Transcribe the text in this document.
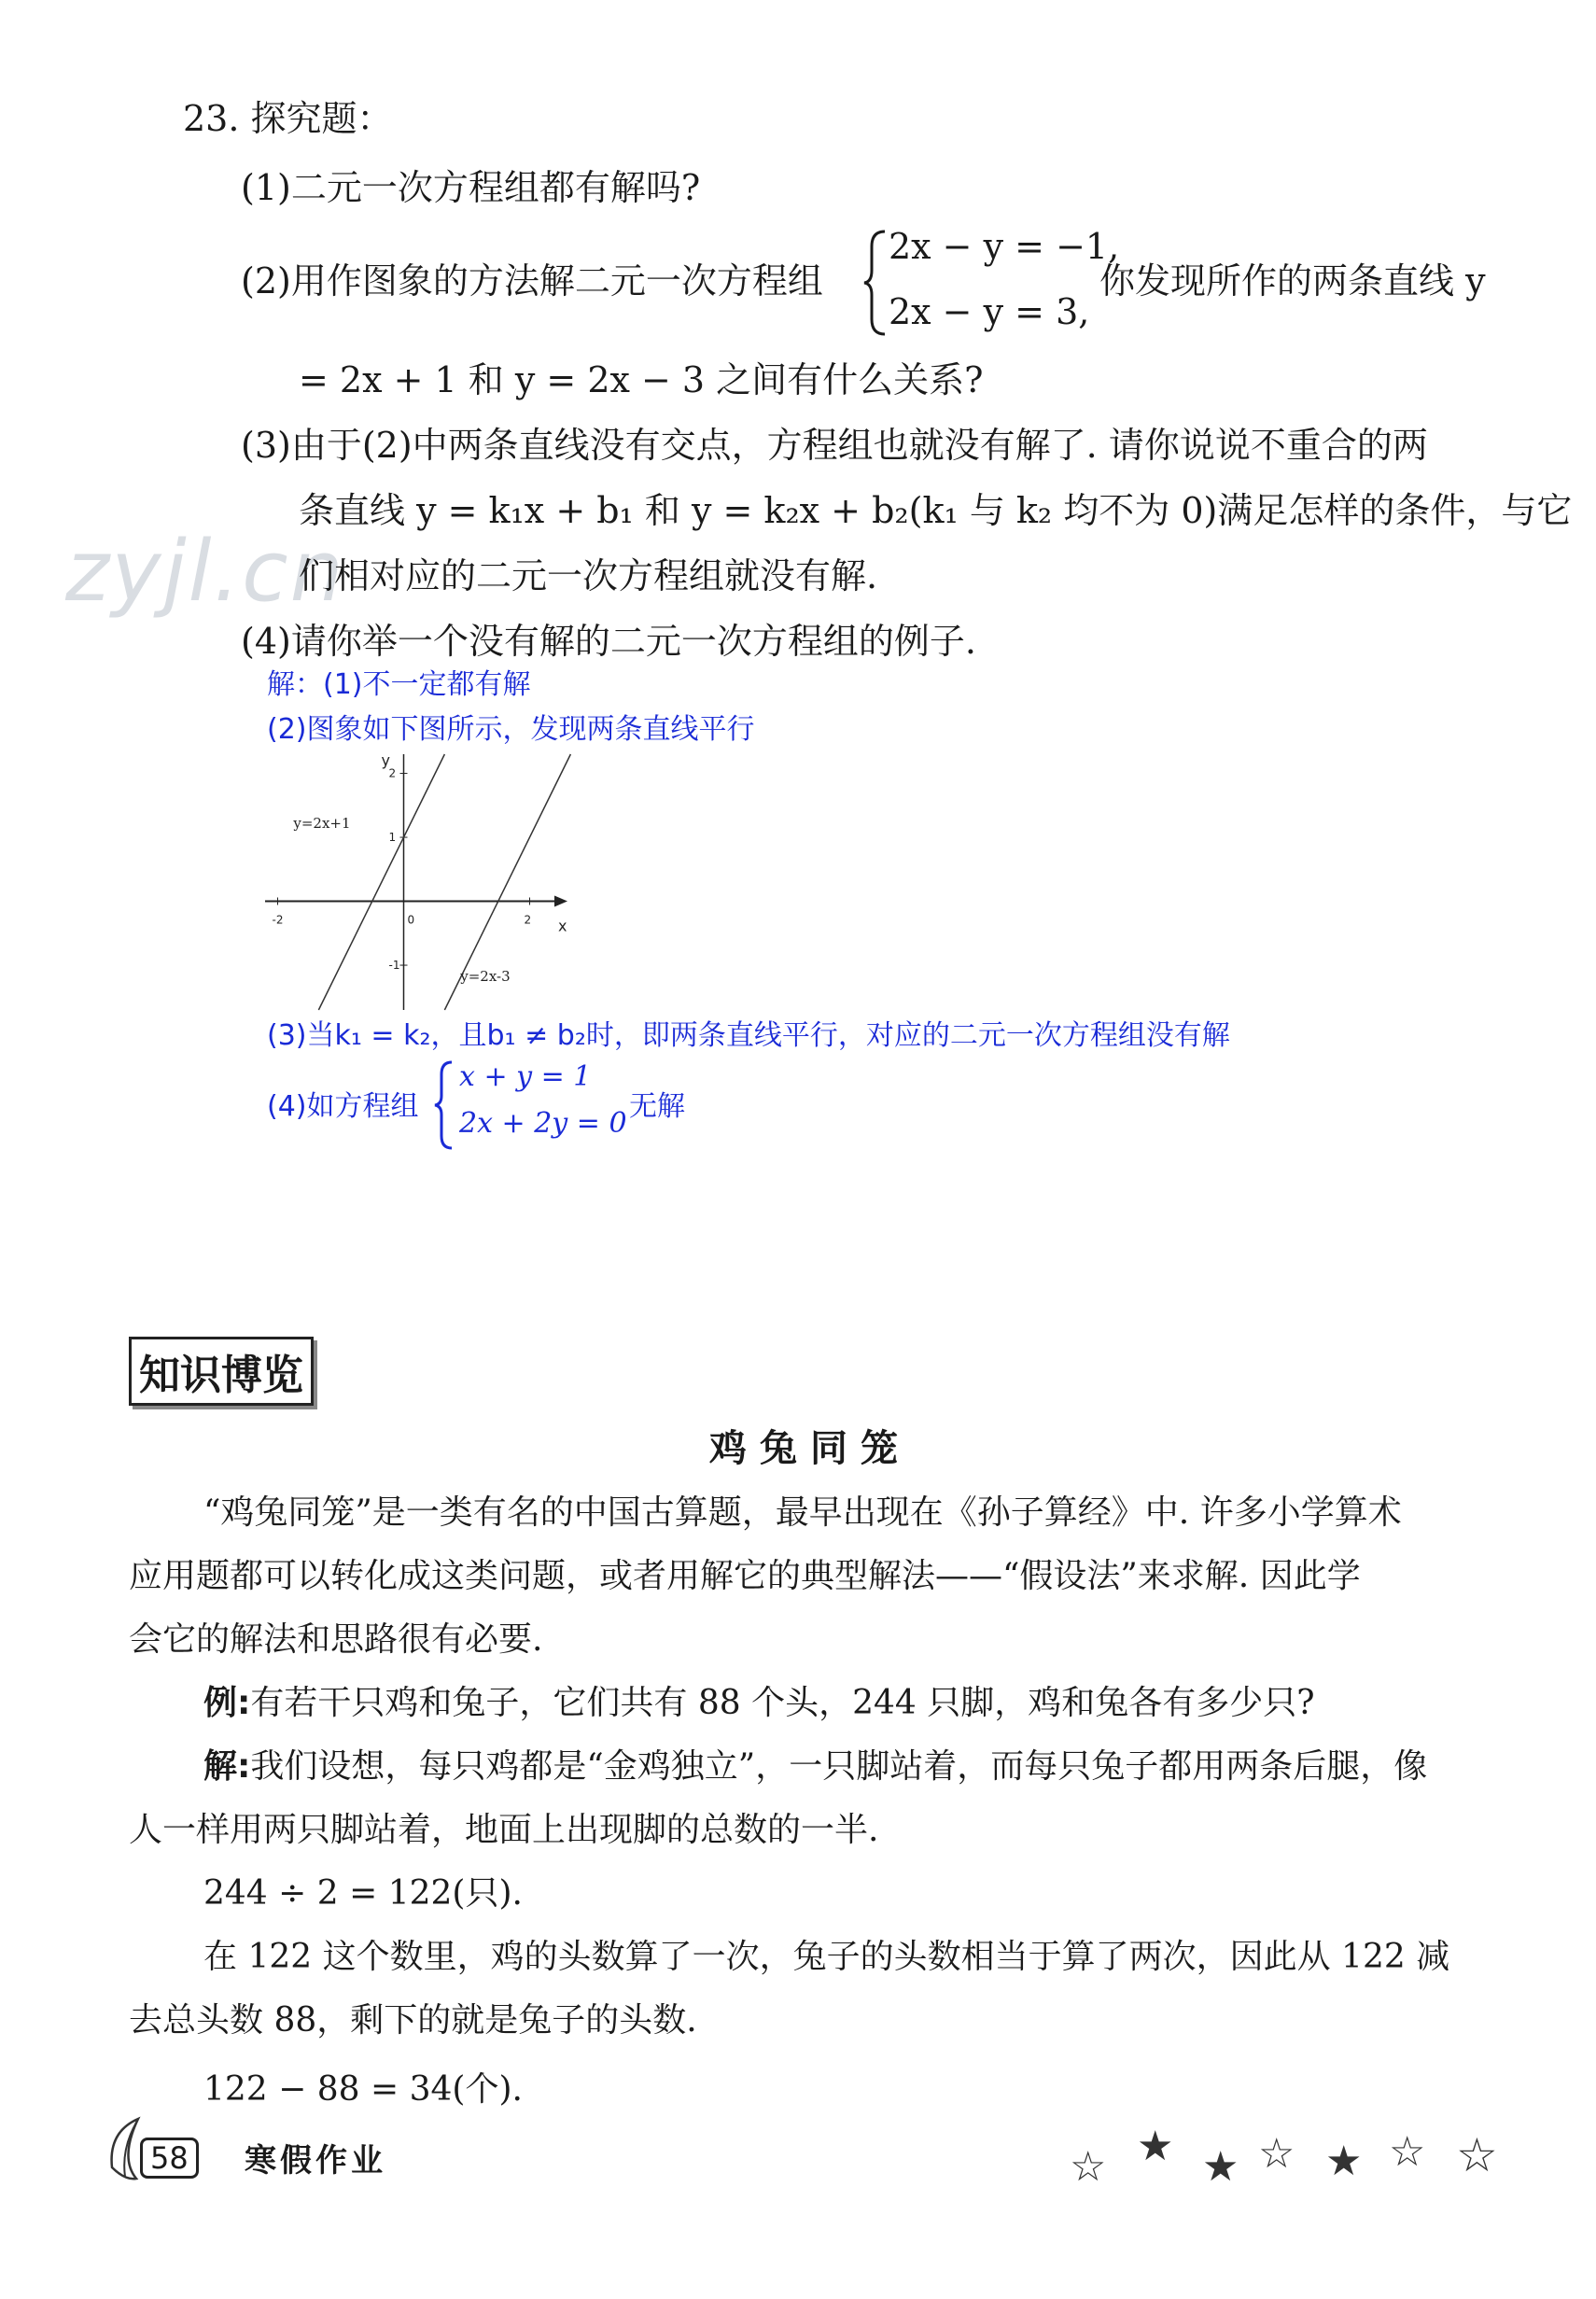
zyjl.cn
23. 探究题：
(1)二元一次方程组都有解吗?
(2)用作图象的方法解二元一次方程组
2x − y = −1,
2x − y = 3,
你发现所作的两条直线 y
= 2x + 1 和 y = 2x − 3 之间有什么关系?
(3)由于(2)中两条直线没有交点，方程组也就没有解了. 请你说说不重合的两
条直线 y = k₁x + b₁ 和 y = k₂x + b₂(k₁ 与 k₂ 均不为 0)满足怎样的条件，与它
们相对应的二元一次方程组就没有解.
(4)请你举一个没有解的二元一次方程组的例子.
解：(1)不一定都有解
(2)图象如下图所示，发现两条直线平行
x
y
-2	0	2
2
1
-1
y=2x+1
y=2x-3
(3)当k₁ = k₂，且b₁ ≠ b₂时，即两条直线平行，对应的二元一次方程组没有解
(4)如方程组
x + y = 1
2x + 2y = 0
无解
知识博览
鸡兔同笼
“鸡兔同笼”是一类有名的中国古算题，最早出现在《孙子算经》中. 许多小学算术
应用题都可以转化成这类问题，或者用解它的典型解法——“假设法”来求解. 因此学
会它的解法和思路很有必要.
例:有若干只鸡和兔子，它们共有 88 个头，244 只脚，鸡和兔各有多少只?
解:我们设想，每只鸡都是“金鸡独立”，一只脚站着，而每只兔子都用两条后腿，像
人一样用两只脚站着，地面上出现脚的总数的一半.
244 ÷ 2 = 122(只).
在 122 这个数里，鸡的头数算了一次，兔子的头数相当于算了两次，因此从 122 减
去总头数 88，剩下的就是兔子的头数.
122 − 88 = 34(个).
58	寒假作业	☆ ★ ★ ☆ ★ ☆ ☆
